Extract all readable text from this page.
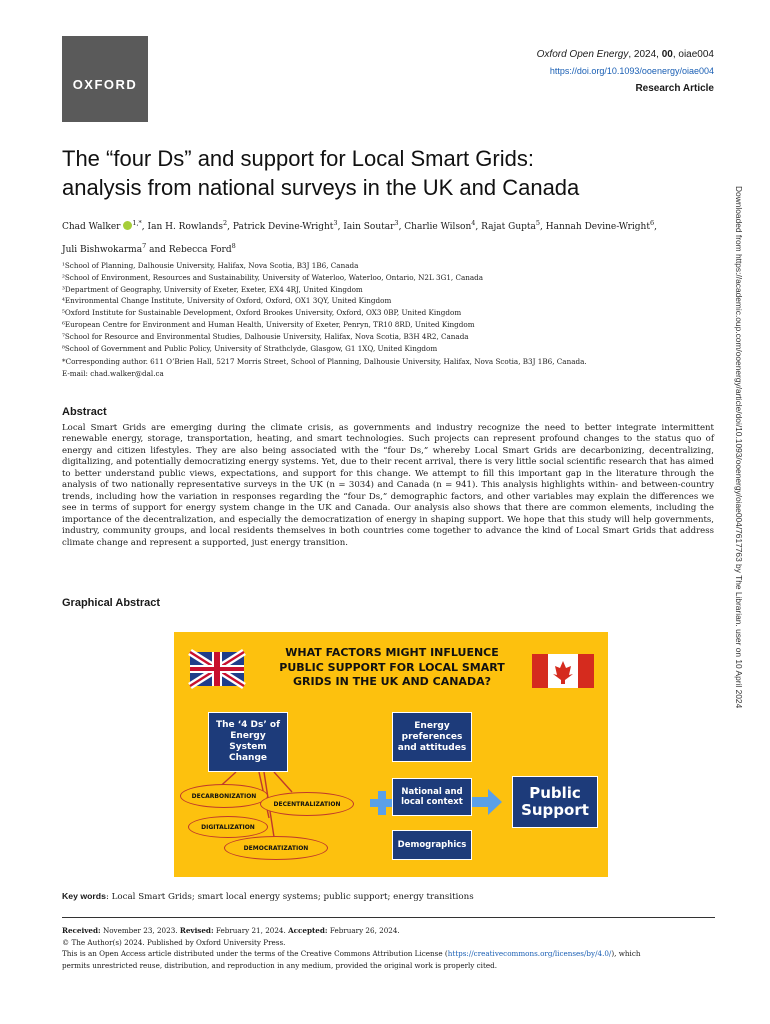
OXFORD
Oxford Open Energy, 2024, 00, oiae004
https://doi.org/10.1093/ooenergy/oiae004
Research Article
The “four Ds” and support for Local Smart Grids:
analysis from national surveys in the UK and Canada
Chad Walker $^{1,*}$, Ian H. Rowlands$^2$, Patrick Devine-Wright$^3$, Iain Soutar$^3$, Charlie Wilson$^4$, Rajat Gupta$^5$, Hannah Devine-Wright$^6$,
Juli Bishwokarma$^7$ and Rebecca Ford$^8$
¹School of Planning, Dalhousie University, Halifax, Nova Scotia, B3J 1B6, Canada
²School of Environment, Resources and Sustainability, University of Waterloo, Waterloo, Ontario, N2L 3G1, Canada
³Department of Geography, University of Exeter, Exeter, EX4 4RJ, United Kingdom
⁴Environmental Change Institute, University of Oxford, Oxford, OX1 3QY, United Kingdom
⁵Oxford Institute for Sustainable Development, Oxford Brookes University, Oxford, OX3 0BP, United Kingdom
⁶European Centre for Environment and Human Health, University of Exeter, Penryn, TR10 8RD, United Kingdom
⁷School for Resource and Environmental Studies, Dalhousie University, Halifax, Nova Scotia, B3H 4R2, Canada
⁸School of Government and Public Policy, University of Strathclyde, Glasgow, G1 1XQ, United Kingdom
*Corresponding author. 611 O’Brien Hall, 5217 Morris Street, School of Planning, Dalhousie University, Halifax, Nova Scotia, B3J 1B6, Canada.
E-mail: chad.walker@dal.ca	Downloaded from https://academic.oup.com/ooenergy/article/doi/10.1093/ooenergy/oiae004/7617763 by The Librarian. user on 10 April 2024
Abstract

Local Smart Grids are emerging during the climate crisis, as governments and industry recognize the need to better integrate intermittent renewable energy, storage, transportation, heating, and smart technologies. Such projects can represent profound changes to the status quo of energy and citizen lifestyles. They are also being associated with the “four Ds,” whereby Local Smart Grids are decarbonizing, decentralizing, digitalizing, and potentially democratizing energy systems. Yet, due to their recent arrival, there is very little social scientific research that has aimed to better understand public views, expectations, and support for this change. We attempt to fill this important gap in the literature through the analysis of two nationally representative surveys in the UK (n = 3034) and Canada (n = 941). This analysis highlights within- and between-country trends, including how the variation in responses regarding the “four Ds,” demographic factors, and other variables may explain the differences we see in terms of support for energy system change in the UK and Canada. Our analysis also shows that there are common elements, including the importance of the decentralization, and especially the democratization of energy in shaping support. We hope that this study will help governments, industry, community groups, and local residents themselves in both countries come together to advance the kind of Local Smart Grids that address climate change and represent a supported, just energy transition.

Graphical Abstract
WHAT FACTORS MIGHT INFLUENCE
PUBLIC SUPPORT FOR LOCAL SMART
GRIDS IN THE UK AND CANADA?
The ‘4 Ds’ of
Energy
System
Change
DECARBONIZATION
DECENTRALIZATION
DIGITALIZATION
DEMOCRATIZATION
Energy
preferences
and attitudes
National and
local context
Demographics
Public
Support

Key words: Local Smart Grids; smart local energy systems; public support; energy transitions

Received: November 23, 2023. Revised: February 21, 2024. Accepted: February 26, 2024.
© The Author(s) 2024. Published by Oxford University Press.
This is an Open Access article distributed under the terms of the Creative Commons Attribution License (https://creativecommons.org/licenses/by/4.0/), which
permits unrestricted reuse, distribution, and reproduction in any medium, provided the original work is properly cited.
